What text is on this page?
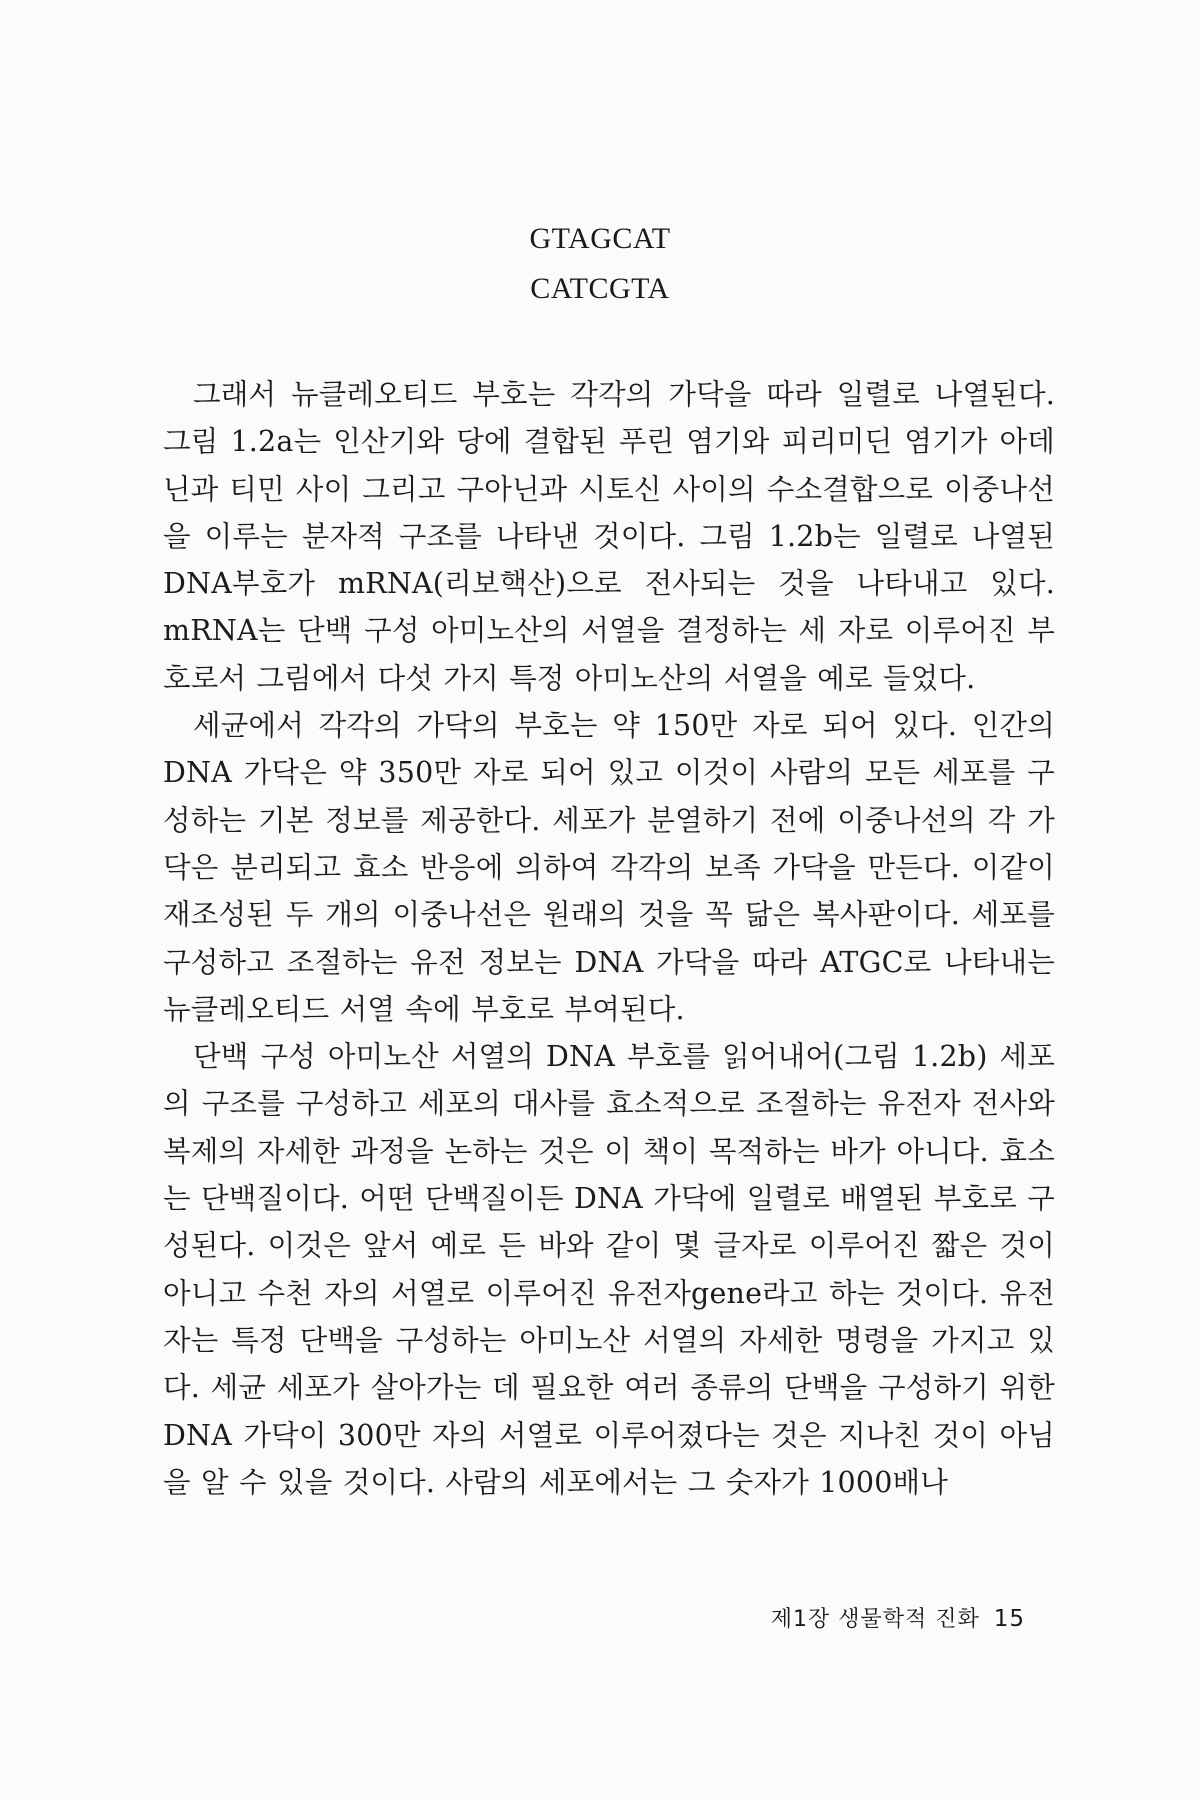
GTAGCAT
CATCGTA

그래서 뉴클레오티드 부호는 각각의 가닥을 따라 일렬로 나열된다. 그림 1.2a는 인산기와 당에 결합된 푸린 염기와 피리미딘 염기가 아데닌과 티민 사이 그리고 구아닌과 시토신 사이의 수소결합으로 이중나선을 이루는 분자적 구조를 나타낸 것이다. 그림 1.2b는 일렬로 나열된 DNA부호가 mRNA(리보핵산)으로 전사되는 것을 나타내고 있다. mRNA는 단백 구성 아미노산의 서열을 결정하는 세 자로 이루어진 부호로서 그림에서 다섯 가지 특정 아미노산의 서열을 예로 들었다.

세균에서 각각의 가닥의 부호는 약 150만 자로 되어 있다. 인간의 DNA 가닥은 약 350만 자로 되어 있고 이것이 사람의 모든 세포를 구성하는 기본 정보를 제공한다. 세포가 분열하기 전에 이중나선의 각 가닥은 분리되고 효소 반응에 의하여 각각의 보족 가닥을 만든다. 이같이 재조성된 두 개의 이중나선은 원래의 것을 꼭 닮은 복사판이다. 세포를 구성하고 조절하는 유전 정보는 DNA 가닥을 따라 ATGC로 나타내는 뉴클레오티드 서열 속에 부호로 부여된다.

단백 구성 아미노산 서열의 DNA 부호를 읽어내어(그림 1.2b) 세포의 구조를 구성하고 세포의 대사를 효소적으로 조절하는 유전자 전사와 복제의 자세한 과정을 논하는 것은 이 책이 목적하는 바가 아니다. 효소는 단백질이다. 어떤 단백질이든 DNA 가닥에 일렬로 배열된 부호로 구성된다. 이것은 앞서 예로 든 바와 같이 몇 글자로 이루어진 짧은 것이 아니고 수천 자의 서열로 이루어진 유전자gene라고 하는 것이다. 유전자는 특정 단백을 구성하는 아미노산 서열의 자세한 명령을 가지고 있다. 세균 세포가 살아가는 데 필요한 여러 종류의 단백을 구성하기 위한 DNA 가닥이 300만 자의 서열로 이루어졌다는 것은 지나친 것이 아님을 알 수 있을 것이다. 사람의 세포에서는 그 숫자가 1000배나

제1장 생물학적 진화 15
